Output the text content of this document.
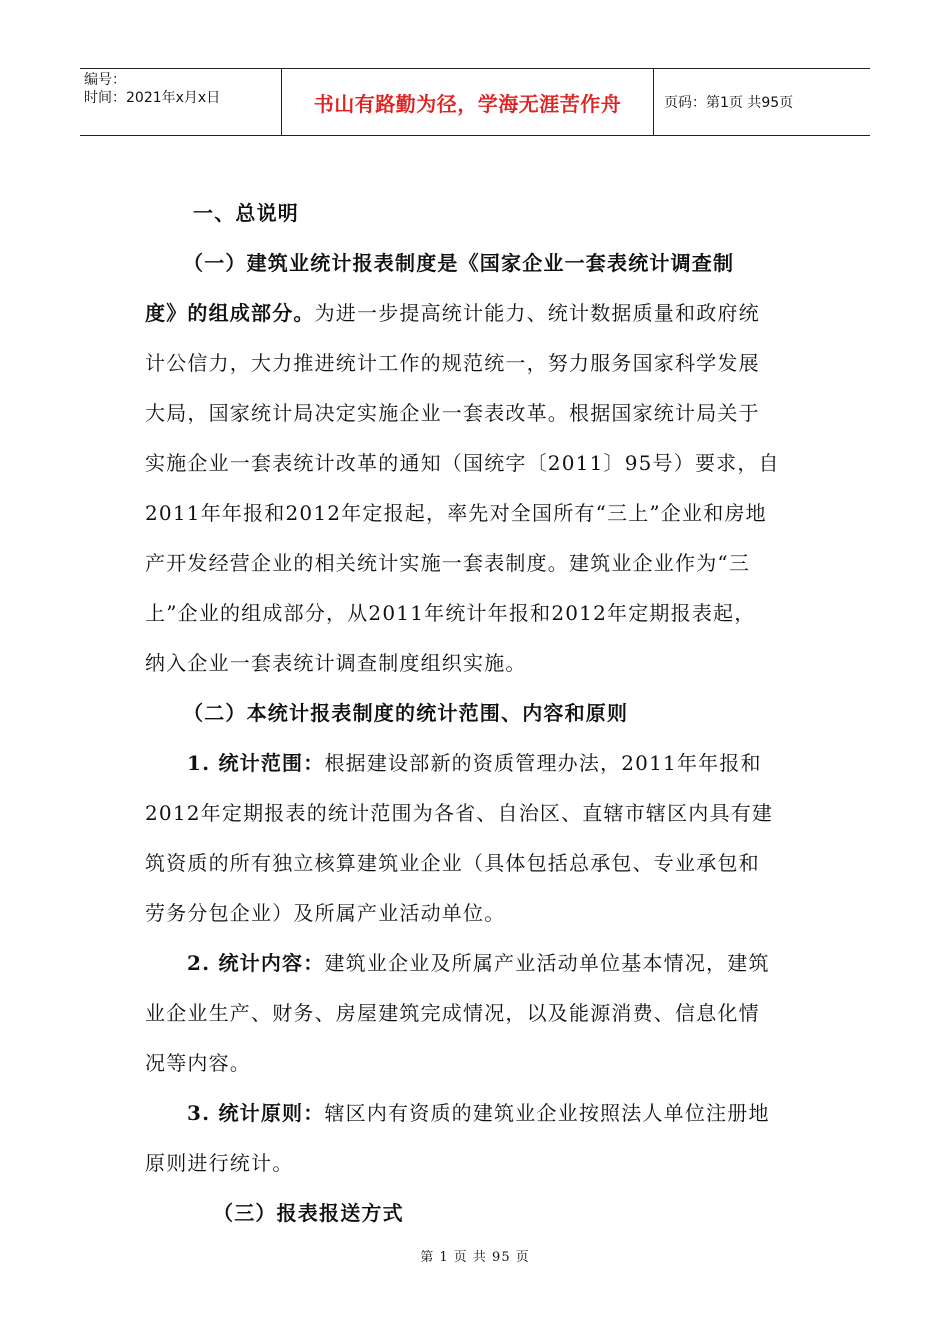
编号：
时间：2021年x月x日	书山有路勤为径，学海无涯苦作舟	页码：第1页 共95页
一、总说明
（一）建筑业统计报表制度是《国家企业一套表统计调查制
度》的组成部分。为进一步提高统计能力、统计数据质量和政府统
计公信力，大力推进统计工作的规范统一，努力服务国家科学发展
大局，国家统计局决定实施企业一套表改革。根据国家统计局关于
实施企业一套表统计改革的通知（国统字〔2011〕95号）要求，自
2011年年报和2012年定报起，率先对全国所有“三上”企业和房地
产开发经营企业的相关统计实施一套表制度。建筑业企业作为“三
上”企业的组成部分，从2011年统计年报和2012年定期报表起，
纳入企业一套表统计调查制度组织实施。
（二）本统计报表制度的统计范围、内容和原则
1. 统计范围：根据建设部新的资质管理办法，2011年年报和
2012年定期报表的统计范围为各省、自治区、直辖市辖区内具有建
筑资质的所有独立核算建筑业企业（具体包括总承包、专业承包和
劳务分包企业）及所属产业活动单位。
2. 统计内容：建筑业企业及所属产业活动单位基本情况，建筑
业企业生产、财务、房屋建筑完成情况，以及能源消费、信息化情
况等内容。
3. 统计原则：辖区内有资质的建筑业企业按照法人单位注册地
原则进行统计。
（三）报表报送方式
第 1 页 共 95 页
